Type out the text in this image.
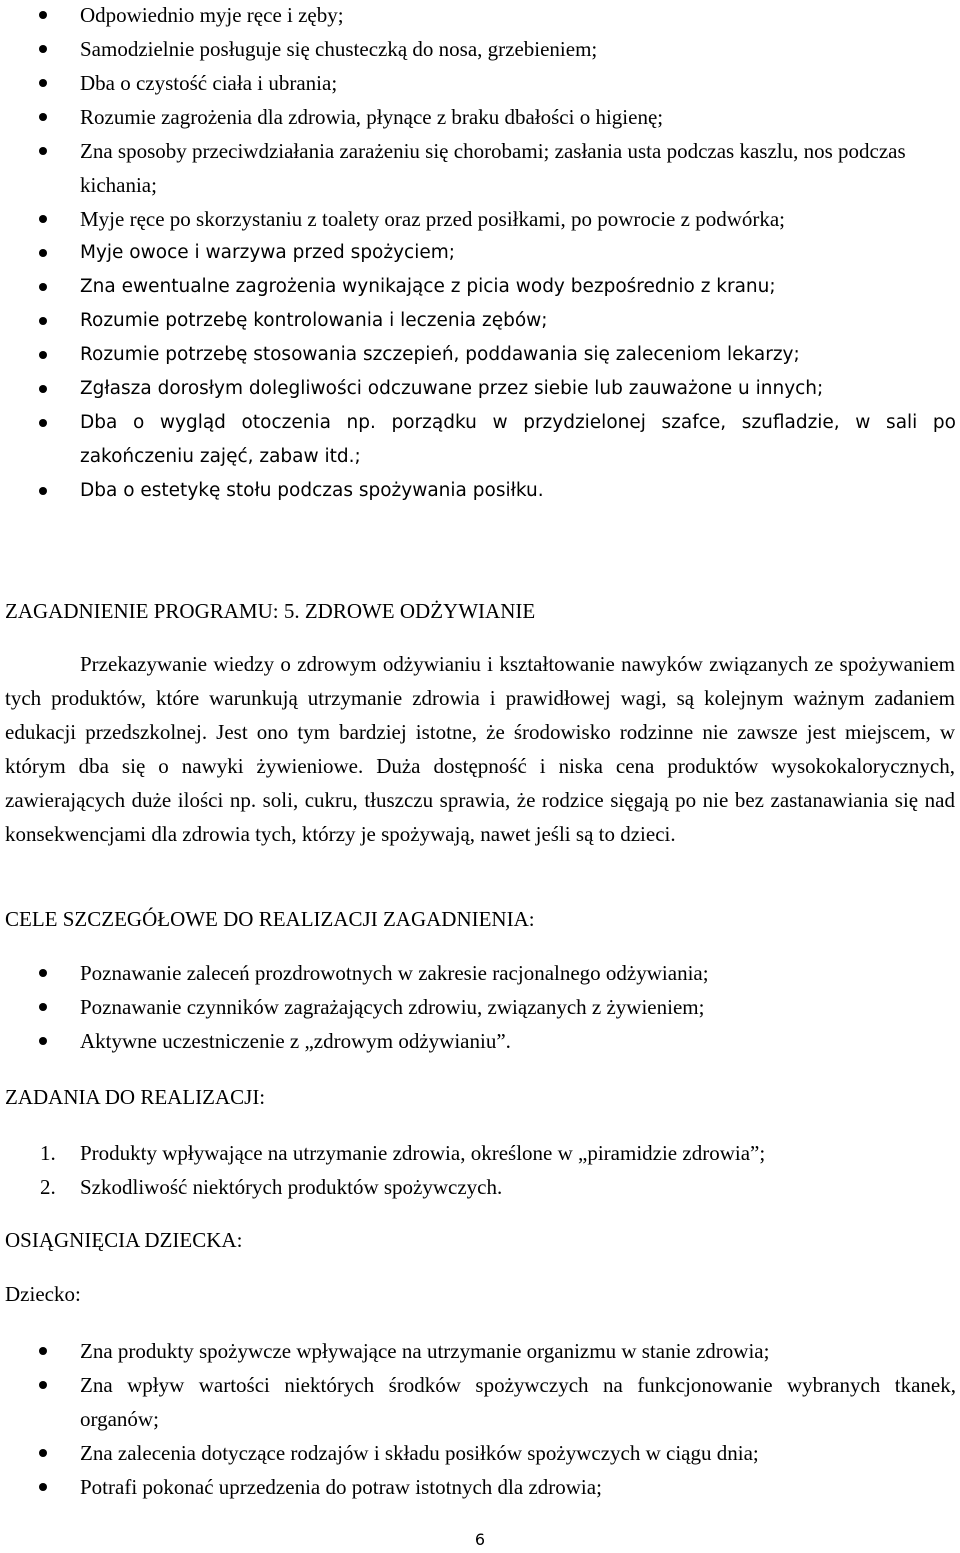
Odpowiednio myje ręce i zęby;
Samodzielnie posługuje się chusteczką do nosa, grzebieniem;
Dba o czystość ciała i ubrania;
Rozumie zagrożenia dla zdrowia, płynące z braku dbałości o higienę;
Zna sposoby przeciwdziałania zarażeniu się chorobami; zasłania usta podczas kaszlu, nos podczas kichania;
Myje ręce po skorzystaniu z toalety oraz przed posiłkami, po powrocie z podwórka;
Myje owoce i warzywa przed spożyciem;
Zna ewentualne zagrożenia wynikające z picia wody bezpośrednio z kranu;
Rozumie potrzebę kontrolowania i leczenia zębów;
Rozumie potrzebę stosowania szczepień, poddawania się zaleceniom lekarzy;
Zgłasza dorosłym dolegliwości odczuwane przez siebie lub zauważone u innych;
Dba o wygląd otoczenia np. porządku w przydzielonej szafce, szufladzie, w sali po zakończeniu zajęć, zabaw itd.;
Dba o estetykę stołu podczas spożywania posiłku.
ZAGADNIENIE PROGRAMU: 5. ZDROWE ODŻYWIANIE

Przekazywanie wiedzy o zdrowym odżywianiu i kształtowanie nawyków związanych ze spożywaniem tych produktów, które warunkują utrzymanie zdrowia i prawidłowej wagi, są kolejnym ważnym zadaniem edukacji przedszkolnej. Jest ono tym bardziej istotne, że środowisko rodzinne nie zawsze jest miejscem, w którym dba się o nawyki żywieniowe. Duża dostępność i niska cena produktów wysokokalorycznych, zawierających duże ilości np. soli, cukru, tłuszczu sprawia, że rodzice sięgają po nie bez zastanawiania się nad konsekwencjami dla zdrowia tych, którzy je spożywają, nawet jeśli są to dzieci.

CELE SZCZEGÓŁOWE DO REALIZACJI ZAGADNIENIA:
Poznawanie zaleceń prozdrowotnych w zakresie racjonalnego odżywiania;
Poznawanie czynników zagrażających zdrowiu, związanych z żywieniem;
Aktywne uczestniczenie z „zdrowym odżywianiu”.
ZADANIA DO REALIZACJI:
1. Produkty wpływające na utrzymanie zdrowia, określone w „piramidzie zdrowia”;
2. Szkodliwość niektórych produktów spożywczych.
OSIĄGNIĘCIA DZIECKA:
Dziecko:
Zna produkty spożywcze wpływające na utrzymanie organizmu w stanie zdrowia;
Zna wpływ wartości niektórych środków spożywczych na funkcjonowanie wybranych tkanek, organów;
Zna zalecenia dotyczące rodzajów i składu posiłków spożywczych w ciągu dnia;
Potrafi pokonać uprzedzenia do potraw istotnych dla zdrowia;
6
